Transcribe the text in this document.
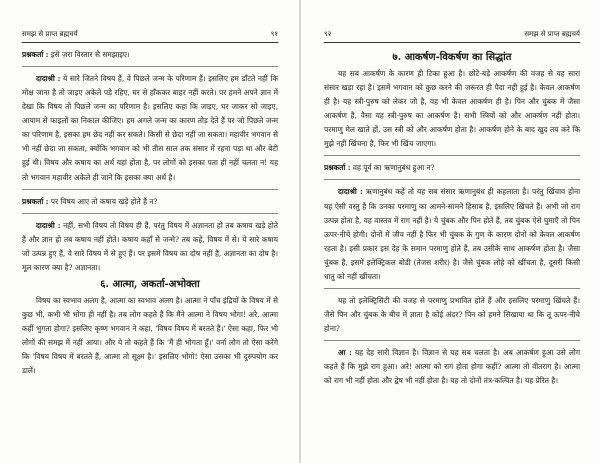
समझ से प्राप्त ब्रह्मचर्य	९१

प्रश्नकर्ता : इसे ज़रा विस्तार से समझाइए।

दादाश्री : ये सारे जितने विषय हैं, वे पिछले जन्म के परिणाम हैं। इसलिए हम डाँटते नहीं कि मोक्ष जाना है तो जाइए अकेले पड़े रहिए, घर से हाँककर बाहर नहीं करते। पर हमने अपने ज्ञान में देखा कि विषय तो पिछले जन्म का परिणाम है। इसलिए कहा कि जाइए, घर जाकर सो जाइए, आयाम से फाइलों का निकाल कीजिए। हम अगले जन्म का कारण तोड़ देते हैं पर जो पिछले जन्म का परिणाम है, इसका हम छेद नहीं कर सकते। किसी से छेदा नहीं जा सकता। महावीर भगवान से भी नहीं छेदा जा सकता, क्योंकि भगवान को भी तीस साल तक संसार में रहना पड़ा था और बेटी हुई थी। विषय और कषाय का अर्थ यहां होता है, पर लोगों को इसका पता ही नहीं चलता न! यह तो भगवान महावीर अकेले ही जानें कि इसका क्या अर्थ है।

प्रश्नकर्ता : पर विषय आए तो कषाय खड़े होते हैं न?

दादाश्री : नहीं, सभी विषय तो विषय ही हैं, परंतु विषय में अज्ञानता हो तब कषाय खड़े होते हैं और ज्ञान हो तब कषाय नहीं होते। कषाय कहाँ से जन्मे? तब कहें, विषय में से। ये सारे कषाय जो उत्पन्न हुए हैं, वे सारे विषय में से हुए हैं। पर इसमें विषय का दोष नहीं है, अज्ञानता का दोष है। मूल कारण क्या है? अज्ञानता।

६. आत्मा, अकर्ता-अभोक्ता

विषय का स्वभाव अलग है, आत्मा का स्वभाव अलग है। आत्मा ने पाँच इंद्रियों के विषय में से कुछ भी, कभी भी भोगा ही नहीं है। तब लोग कहते हैं कि मैंने आत्मा ने विषय भोगा! अरे, आत्मा कहीं भुगता होगा? इसलिए कृष्ण भगवान ने कहा, 'विषय विषय में बरतते हैं।' ऐसा कहा, फिर भी लोगों की समझ में नहीं आया। और ये तो कहते हैं कि 'मैं ही भोगता हूँ।' वर्ना लोग तो ऐसा करेंगे कि 'विषय विषय में बरतते हैं, आत्मा तो सूक्ष्म है।' इसलिए भोगो! ऐसा उसका भी दुरुपयोग कर डालें।

९२	समझ से प्राप्त ब्रह्मचर्य
७. आकर्षण-विकर्षण का सिद्धांत

यह सब आकर्षण के कारण ही टिका हुआ है। छोटे-बड़े आकर्षण की वजह से यह सारा संसार खड़ा रहा है। इसमें भगवान को कुछ करने की जरूरत ही पैदा नहीं हुई है। केवल आकर्षण ही है। यह स्त्री-पुरुष को लेकर जो है, वह भी केवल आकर्षण ही है। पिन और चुंबक में जैसा आकर्षण है, वैसा यह स्त्री-पुरुष का आकर्षण है। सभी स्त्रियों को और आकर्षण नहीं होता। परमाणु मेल खाते हों, उस स्त्री को और आकर्षण होता है। आकर्षण होने के बाद खुद तय करे कि मुझे नहीं खिंचना है, फिर भी खिंच जाएगा।

प्रश्नकर्ता : वह पूर्व का ऋणानुबंध हुआ न?

दादाश्री : ऋणानुबंध कहें तो यह सब संसार ऋणानुबंध ही कहलाता है। परंतु खिंचाव होना यह ऐसी वस्तु है कि उनका परमाणु का आमने-सामने हिसाब है, इसलिए खिंचते हैं। अभी जो राग उत्पन्न होता है, वह वास्तव में राग नहीं है। ये चुंबक और पिन होते हैं, तब चुंबक ऐसे घुमाएँ तो पिन ऊपर-नीचे होगी। दोनों में जीव नहीं है फिर भी चुंबक के गुण के कारण दोनों को केवल आकर्षण रहता है। इसी प्रकार इस देह के समान परमाणु होते हैं, तब उसीके साथ आकर्षण होता है। जैसा चुंबक है, इसमें इलेक्ट्रिकल बोडी (तेजस शरीर) है। जैसे चुंबक लोहे को खींचता है, दूसरी किसी धातु को नहीं खींचता।

यह तो इलेक्ट्रिसिटी की वजह से परमाणु प्रभावित होते हैं और इसलिए परमाणु खिंचते हैं। जैसे पिन और चुंबक के बीच में ज्ञाता है कोई अंदर? पिन को हमने सिखाया था कि तू ऊपर-नीचे होना?

आ : यह देह सारी विज्ञान है। विज्ञान से यह सब चलता है। अब आकर्षण हुआ उसे लोग कहते हैं कि मुझे राग हुआ। अरे! आत्मा को राग होता होगा कहीं? आत्मा तो वीतराग है। आत्मा को राग भी नहीं होता और द्वेष भी नहीं होता है। यह तो दोनों तंत्र-कल्पित है। यह प्रेरित है।
